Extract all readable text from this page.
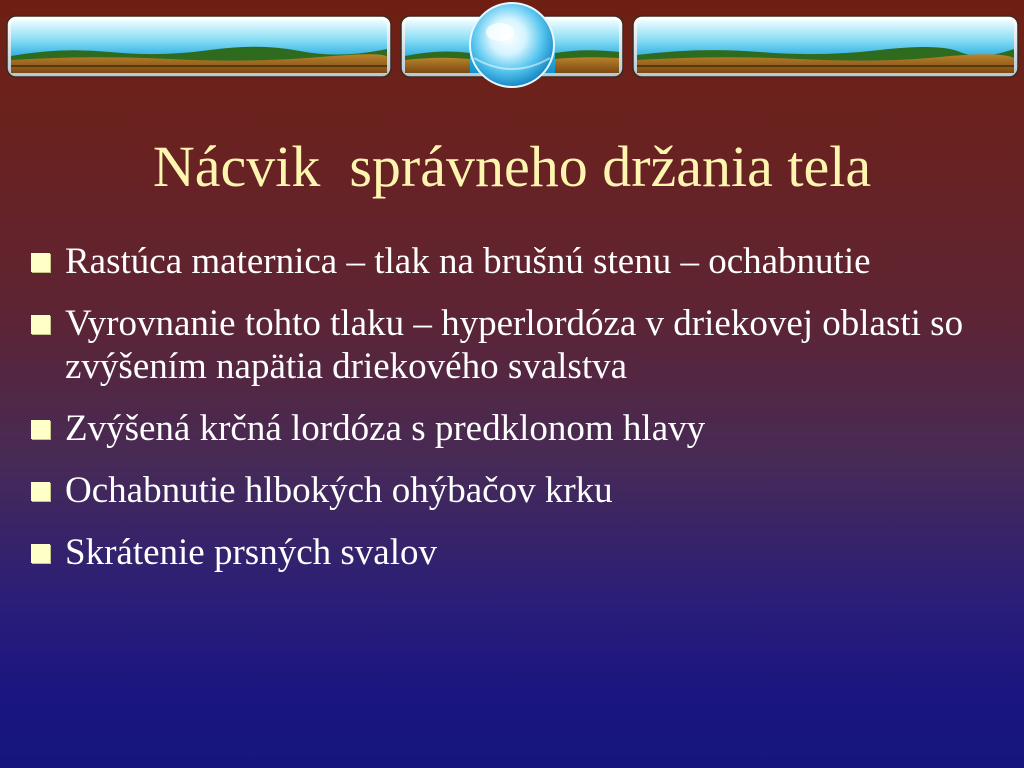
Nácvik  správneho držania tela
Rastúca maternica – tlak na brušnú stenu – ochabnutie
Vyrovnanie tohto tlaku – hyperlordóza v driekovej oblasti so zvýšením napätia driekového svalstva
Zvýšená krčná lordóza s predklonom hlavy
Ochabnutie hlbokých ohýbačov krku
Skrátenie prsných svalov
